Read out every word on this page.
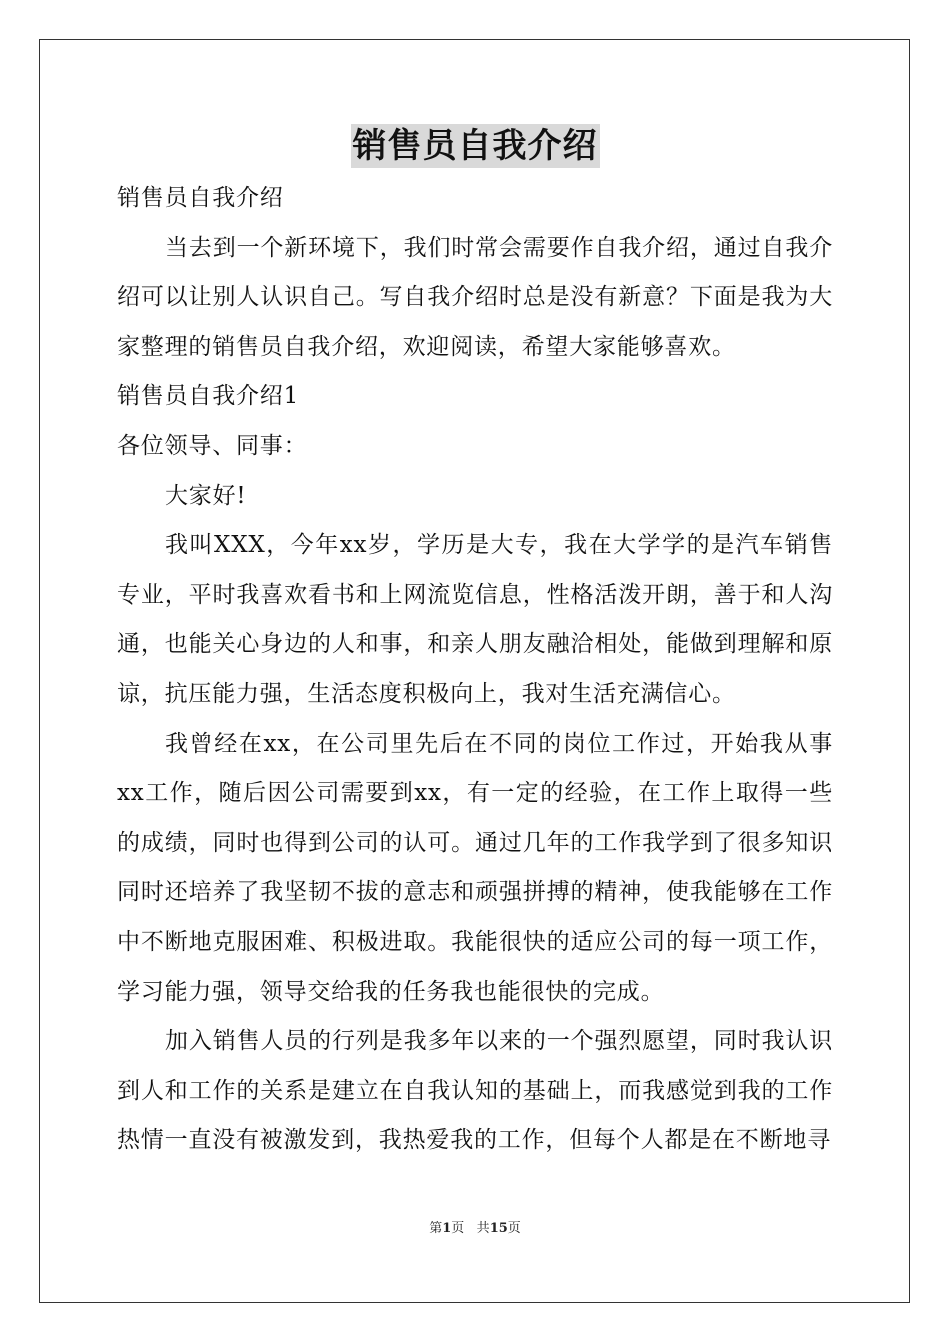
销售员自我介绍

销售员自我介绍

当去到一个新环境下，我们时常会需要作自我介绍，通过自我介绍可以让别人认识自己。写自我介绍时总是没有新意？下面是我为大家整理的销售员自我介绍，欢迎阅读，希望大家能够喜欢。

销售员自我介绍1

各位领导、同事：

大家好!

我叫XXX，今年xx岁，学历是大专，我在大学学的是汽车销售专业，平时我喜欢看书和上网流览信息，性格活泼开朗，善于和人沟通，也能关心身边的人和事，和亲人朋友融洽相处，能做到理解和原谅，抗压能力强，生活态度积极向上，我对生活充满信心。

我曾经在xx，在公司里先后在不同的岗位工作过，开始我从事xx工作，随后因公司需要到xx，有一定的经验，在工作上取得一些的成绩，同时也得到公司的认可。通过几年的工作我学到了很多知识同时还培养了我坚韧不拔的意志和顽强拼搏的精神，使我能够在工作中不断地克服困难、积极进取。我能很快的适应公司的每一项工作，学习能力强，领导交给我的任务我也能很快的完成。

加入销售人员的行列是我多年以来的一个强烈愿望，同时我认识到人和工作的关系是建立在自我认知的基础上，而我感觉到我的工作热情一直没有被激发到，我热爱我的工作，但每个人都是在不断地寻

第1页 共15页
